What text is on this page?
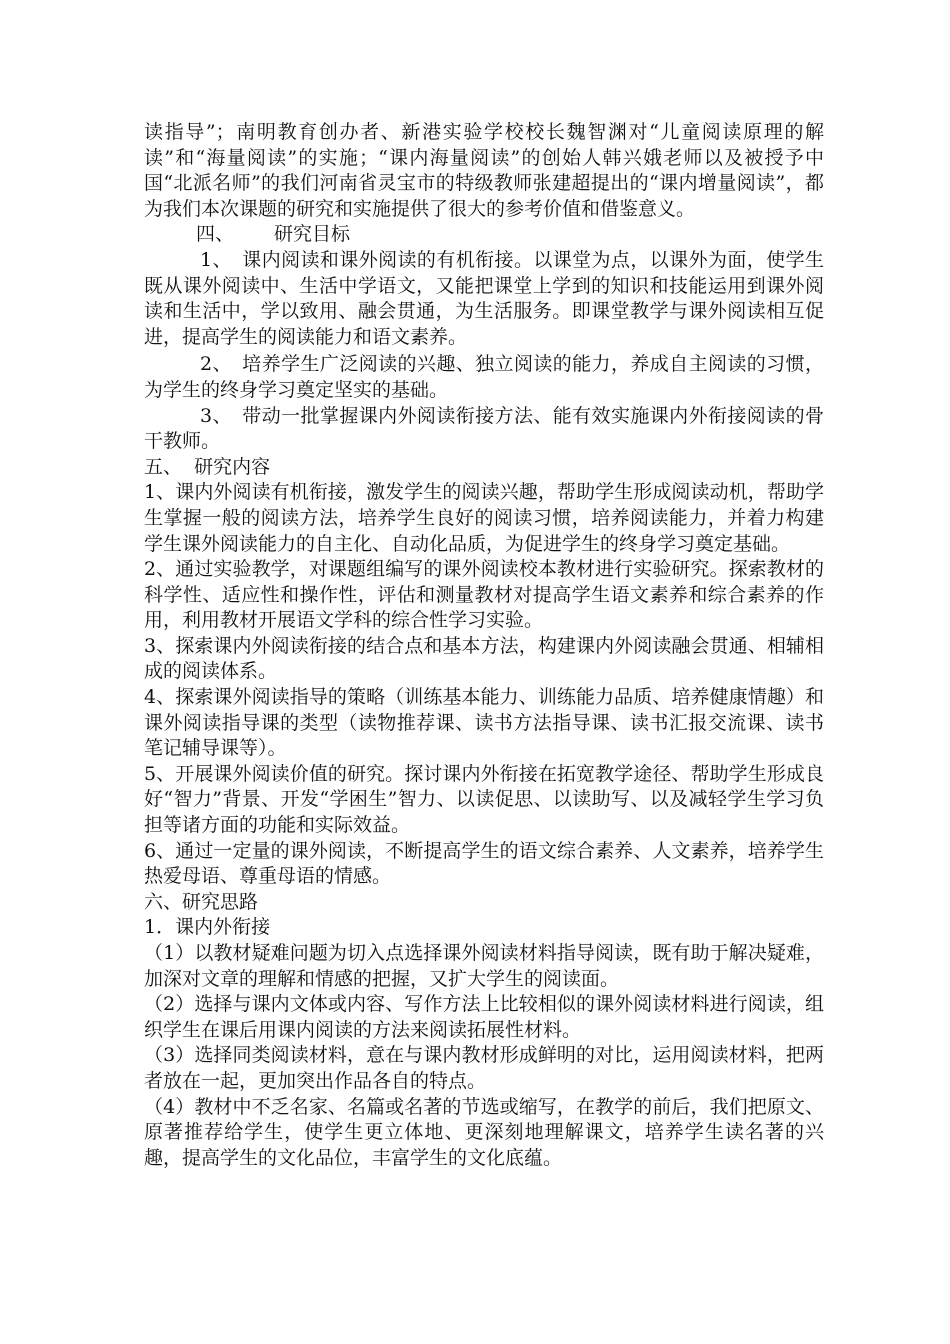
读指导”；南明教育创办者、新港实验学校校长魏智渊对“儿童阅读原理的解读”和“海量阅读”的实施；“课内海量阅读”的创始人韩兴娥老师以及被授予中国“北派名师”的我们河南省灵宝市的特级教师张建超提出的“课内增量阅读”，都为我们本次课题的研究和实施提供了很大的参考价值和借鉴意义。

四、 研究目标

1、 课内阅读和课外阅读的有机衔接。以课堂为点，以课外为面，使学生既从课外阅读中、生活中学语文，又能把课堂上学到的知识和技能运用到课外阅读和生活中，学以致用、融会贯通，为生活服务。即课堂教学与课外阅读相互促进，提高学生的阅读能力和语文素养。

2、 培养学生广泛阅读的兴趣、独立阅读的能力，养成自主阅读的习惯，为学生的终身学习奠定坚实的基础。

3、 带动一批掌握课内外阅读衔接方法、能有效实施课内外衔接阅读的骨干教师。

五、  研究内容

1、课内外阅读有机衔接，激发学生的阅读兴趣，帮助学生形成阅读动机，帮助学生掌握一般的阅读方法，培养学生良好的阅读习惯，培养阅读能力，并着力构建学生课外阅读能力的自主化、自动化品质，为促进学生的终身学习奠定基础。

2、通过实验教学，对课题组编写的课外阅读校本教材进行实验研究。探索教材的科学性、适应性和操作性，评估和测量教材对提高学生语文素养和综合素养的作用，利用教材开展语文学科的综合性学习实验。

3、探索课内外阅读衔接的结合点和基本方法，构建课内外阅读融会贯通、相辅相成的阅读体系。

4、探索课外阅读指导的策略（训练基本能力、训练能力品质、培养健康情趣）和课外阅读指导课的类型（读物推荐课、读书方法指导课、读书汇报交流课、读书笔记辅导课等）。

5、开展课外阅读价值的研究。探讨课内外衔接在拓宽教学途径、帮助学生形成良好“智力”背景、开发“学困生”智力、以读促思、以读助写、以及减轻学生学习负担等诸方面的功能和实际效益。

6、通过一定量的课外阅读，不断提高学生的语文综合素养、人文素养，培养学生热爱母语、尊重母语的情感。

六、研究思路

1．课内外衔接

（1）以教材疑难问题为切入点选择课外阅读材料指导阅读，既有助于解决疑难，加深对文章的理解和情感的把握，又扩大学生的阅读面。

（2）选择与课内文体或内容、写作方法上比较相似的课外阅读材料进行阅读，组织学生在课后用课内阅读的方法来阅读拓展性材料。

（3）选择同类阅读材料，意在与课内教材形成鲜明的对比，运用阅读材料，把两者放在一起，更加突出作品各自的特点。

（4）教材中不乏名家、名篇或名著的节选或缩写，在教学的前后，我们把原文、原著推荐给学生，使学生更立体地、更深刻地理解课文，培养学生读名著的兴趣，提高学生的文化品位，丰富学生的文化底蕴。
